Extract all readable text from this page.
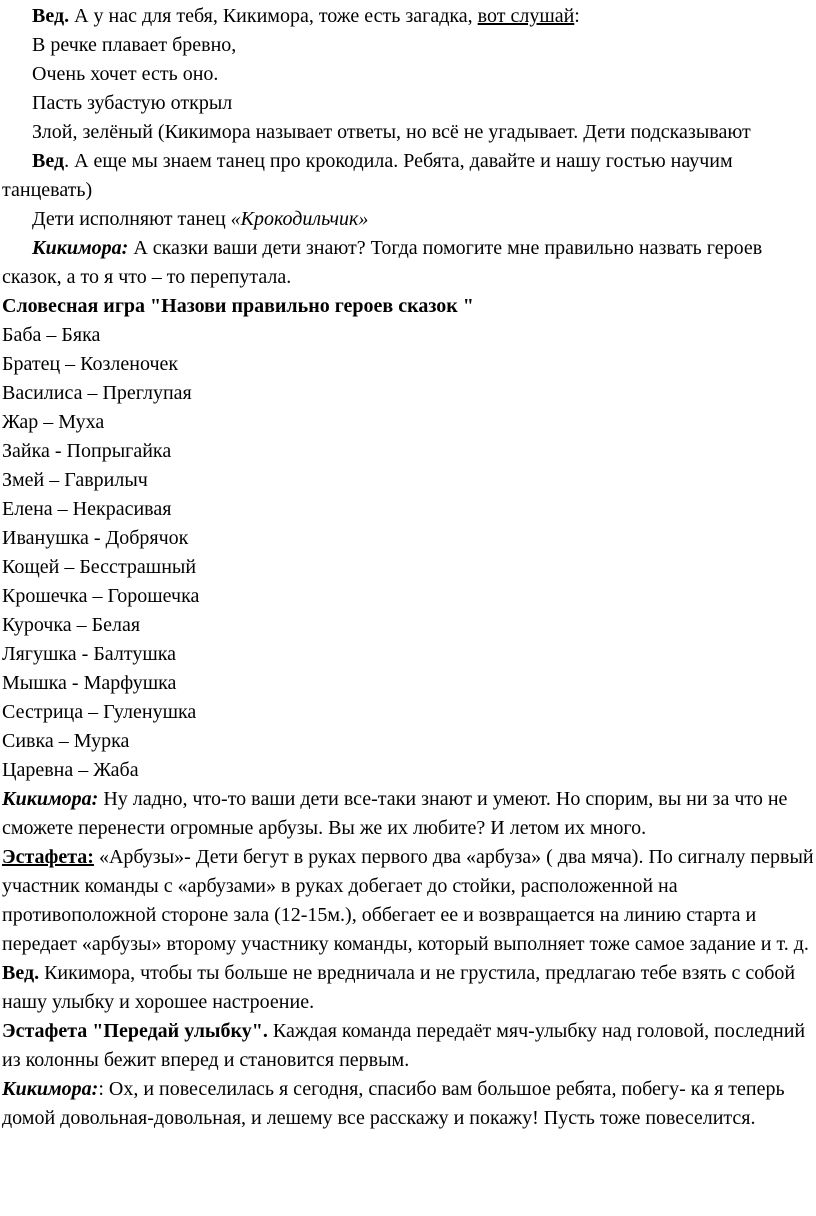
Вед. А у нас для тебя, Кикимора, тоже есть загадка, вот слушай:

В речке плавает бревно,

Очень хочет есть оно.

Пасть зубастую открыл

Злой, зелёный (Кикимора называет ответы, но всё не угадывает. Дети подсказывают

Вед. А еще мы знаем танец про крокодила. Ребята, давайте и нашу гостью научим танцевать)

Дети исполняют танец «Крокодильчик»

Кикимора: А сказки ваши дети знают? Тогда помогите мне правильно назвать героев сказок, а то я что – то перепутала.

Словесная игра "Назови правильно героев сказок "

Баба – Бяка

Братец – Козленочек

Василиса – Преглупая

Жар – Муха

Зайка - Попрыгайка

Змей – Гаврилыч

Елена – Некрасивая

Иванушка - Добрячок

Кощей – Бесстрашный

Крошечка – Горошечка

Курочка – Белая

Лягушка - Балтушка

Мышка - Марфушка

Сестрица – Гуленушка

Сивка – Мурка

Царевна – Жаба

Кикимора: Ну ладно, что-то ваши дети все-таки знают и умеют. Но спорим, вы ни за что не сможете перенести огромные арбузы. Вы же их любите? И летом их много.

Эстафета: «Арбузы»- Дети бегут в руках первого два «арбуза» ( два мяча). По сигналу первый участник команды с «арбузами» в руках добегает до стойки, расположенной на противоположной стороне зала (12-15м.), оббегает ее и возвращается на линию старта и передает «арбузы» второму участнику команды, который выполняет тоже самое задание и т. д.

Вед. Кикимора, чтобы ты больше не вредничала и не грустила, предлагаю тебе взять с собой нашу улыбку и хорошее настроение.

Эстафета "Передай улыбку". Каждая команда передаёт мяч-улыбку над головой, последний из колонны бежит вперед и становится первым.

Кикимора:: Ох, и повеселилась я сегодня, спасибо вам большое ребята, побегу- ка я теперь домой довольная-довольная, и лешему все расскажу и покажу! Пусть тоже повеселится.
